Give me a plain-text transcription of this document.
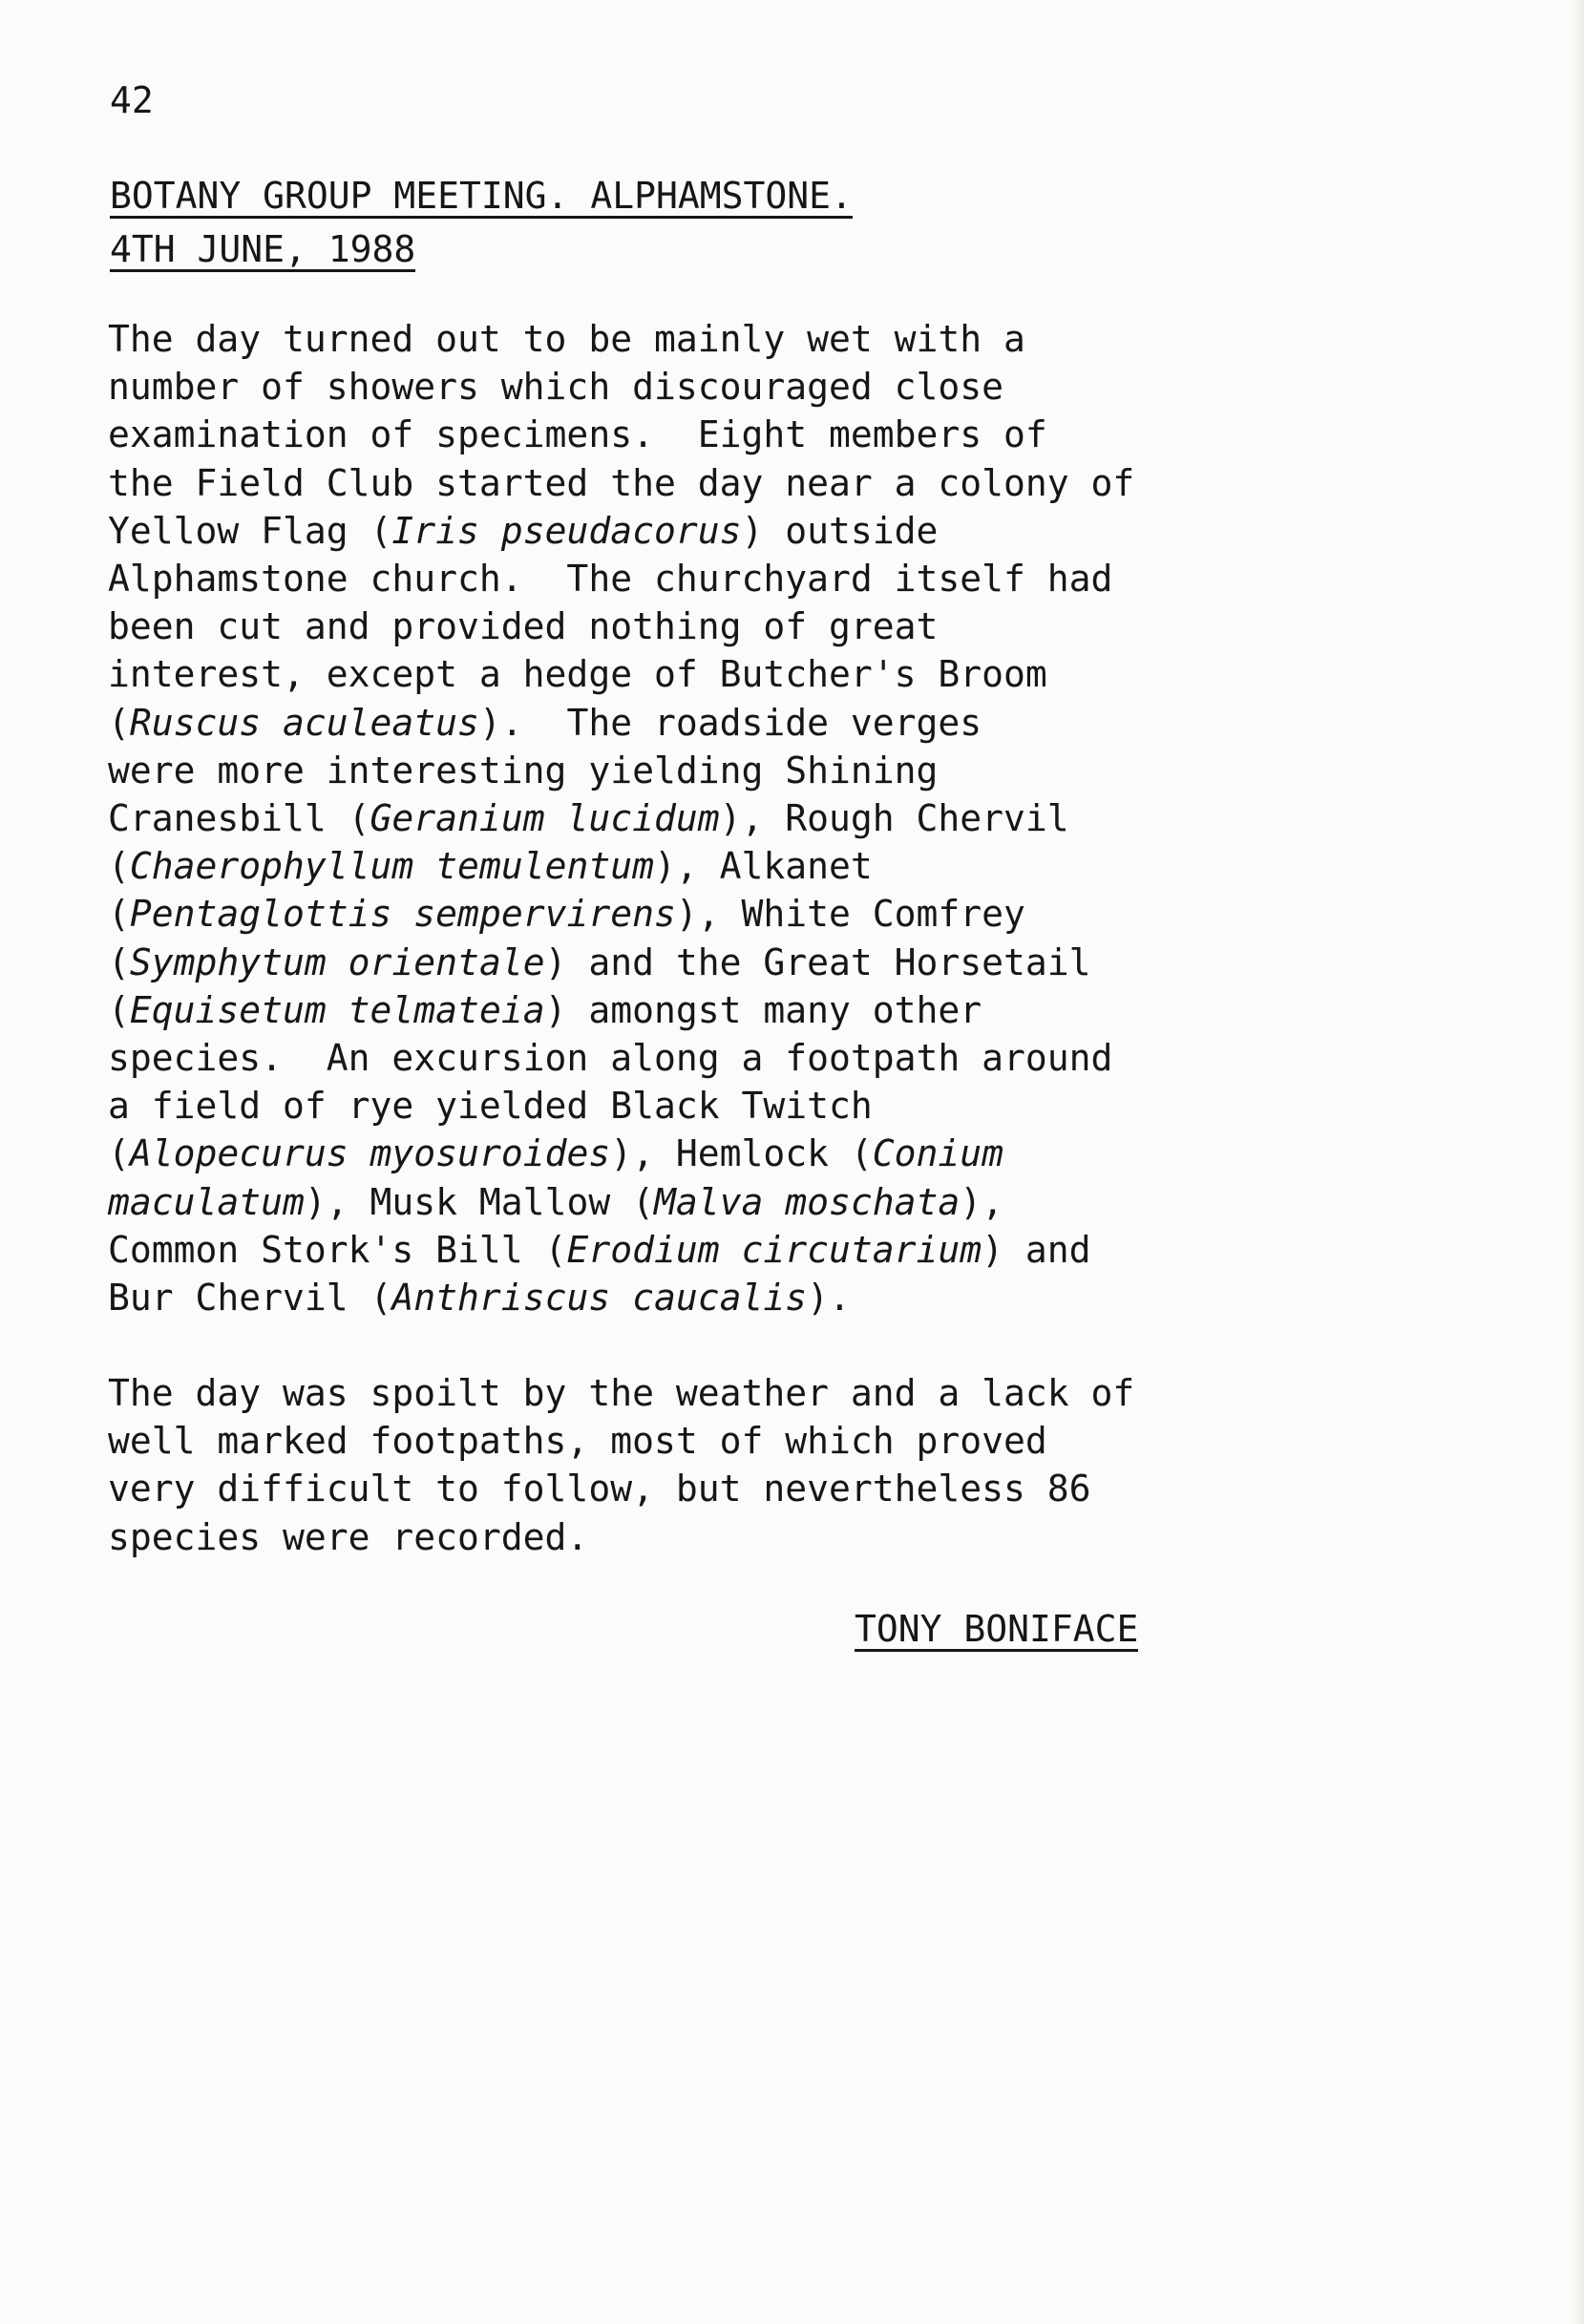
42
BOTANY GROUP MEETING. ALPHAMSTONE.
4TH JUNE, 1988
The day turned out to be mainly wet with a
number of showers which discouraged close
examination of specimens.  Eight members of
the Field Club started the day near a colony of
Yellow Flag (Iris pseudacorus) outside
Alphamstone church.  The churchyard itself had
been cut and provided nothing of great
interest, except a hedge of Butcher's Broom
(Ruscus aculeatus).  The roadside verges
were more interesting yielding Shining
Cranesbill (Geranium lucidum), Rough Chervil
(Chaerophyllum temulentum), Alkanet
(Pentaglottis sempervirens), White Comfrey
(Symphytum orientale) and the Great Horsetail
(Equisetum telmateia) amongst many other
species.  An excursion along a footpath around
a field of rye yielded Black Twitch
(Alopecurus myosuroides), Hemlock (Conium
maculatum), Musk Mallow (Malva moschata),
Common Stork's Bill (Erodium circutarium) and
Bur Chervil (Anthriscus caucalis).
The day was spoilt by the weather and a lack of
well marked footpaths, most of which proved
very difficult to follow, but nevertheless 86
species were recorded.
TONY BONIFACE
